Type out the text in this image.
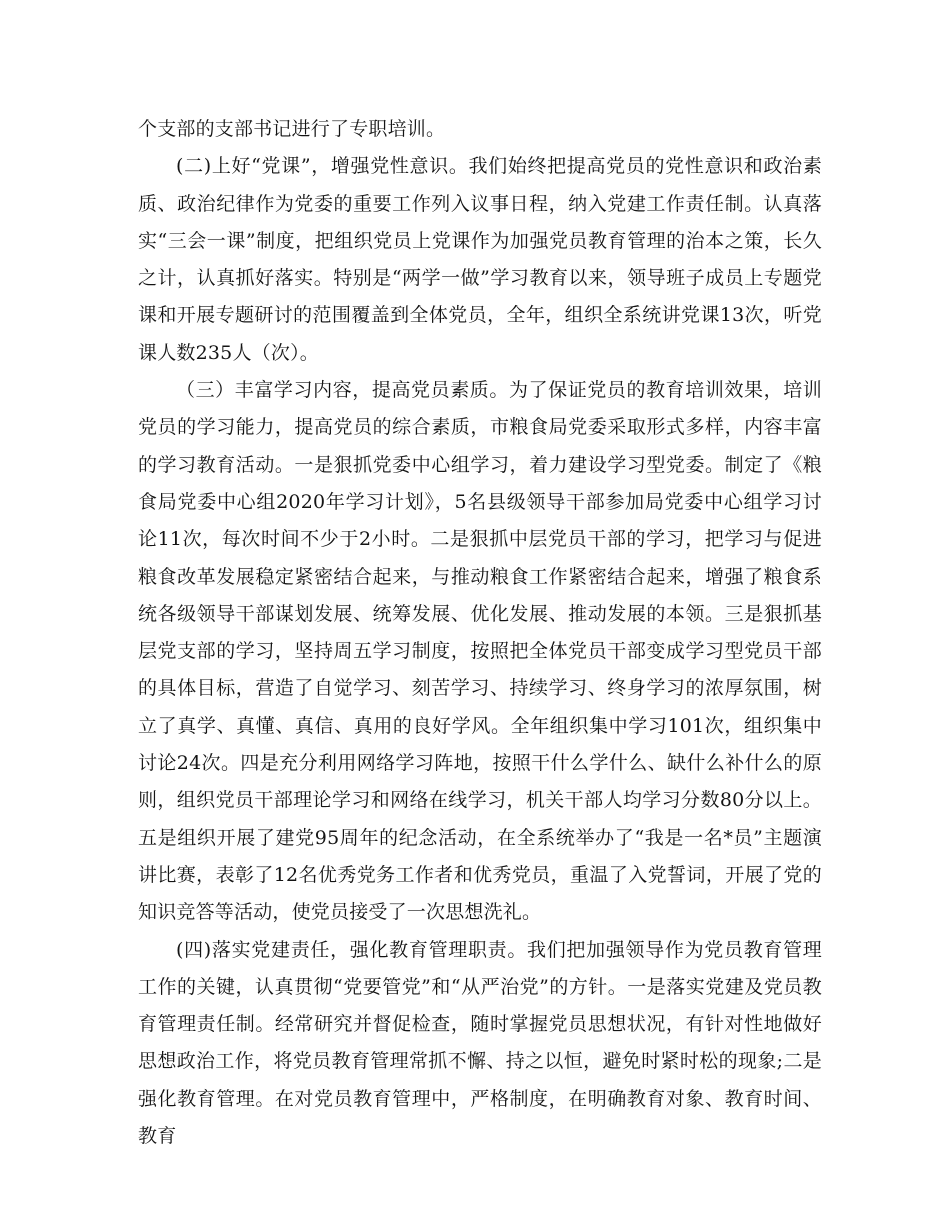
个支部的支部书记进行了专职培训。

(二)上好“党课”，增强党性意识。我们始终把提高党员的党性意识和政治素质、政治纪律作为党委的重要工作列入议事日程，纳入党建工作责任制。认真落实“三会一课”制度，把组织党员上党课作为加强党员教育管理的治本之策，长久之计，认真抓好落实。特别是“两学一做”学习教育以来，领导班子成员上专题党课和开展专题研讨的范围覆盖到全体党员，全年，组织全系统讲党课13次，听党课人数235人（次）。

（三）丰富学习内容，提高党员素质。为了保证党员的教育培训效果，培训党员的学习能力，提高党员的综合素质，市粮食局党委采取形式多样，内容丰富的学习教育活动。一是狠抓党委中心组学习，着力建设学习型党委。制定了《粮食局党委中心组2020年学习计划》，5名县级领导干部参加局党委中心组学习讨论11次，每次时间不少于2小时。二是狠抓中层党员干部的学习，把学习与促进粮食改革发展稳定紧密结合起来，与推动粮食工作紧密结合起来，增强了粮食系统各级领导干部谋划发展、统筹发展、优化发展、推动发展的本领。三是狠抓基层党支部的学习，坚持周五学习制度，按照把全体党员干部变成学习型党员干部的具体目标，营造了自觉学习、刻苦学习、持续学习、终身学习的浓厚氛围，树立了真学、真懂、真信、真用的良好学风。全年组织集中学习101次，组织集中讨论24次。四是充分利用网络学习阵地，按照干什么学什么、缺什么补什么的原则，组织党员干部理论学习和网络在线学习，机关干部人均学习分数80分以上。五是组织开展了建党95周年的纪念活动，在全系统举办了“我是一名*员”主题演讲比赛，表彰了12名优秀党务工作者和优秀党员，重温了入党誓词，开展了党的知识竞答等活动，使党员接受了一次思想洗礼。

(四)落实党建责任，强化教育管理职责。我们把加强领导作为党员教育管理工作的关键，认真贯彻“党要管党”和“从严治党”的方针。一是落实党建及党员教育管理责任制。经常研究并督促检查，随时掌握党员思想状况，有针对性地做好思想政治工作，将党员教育管理常抓不懈、持之以恒，避免时紧时松的现象;二是强化教育管理。在对党员教育管理中，严格制度，在明确教育对象、教育时间、教育
